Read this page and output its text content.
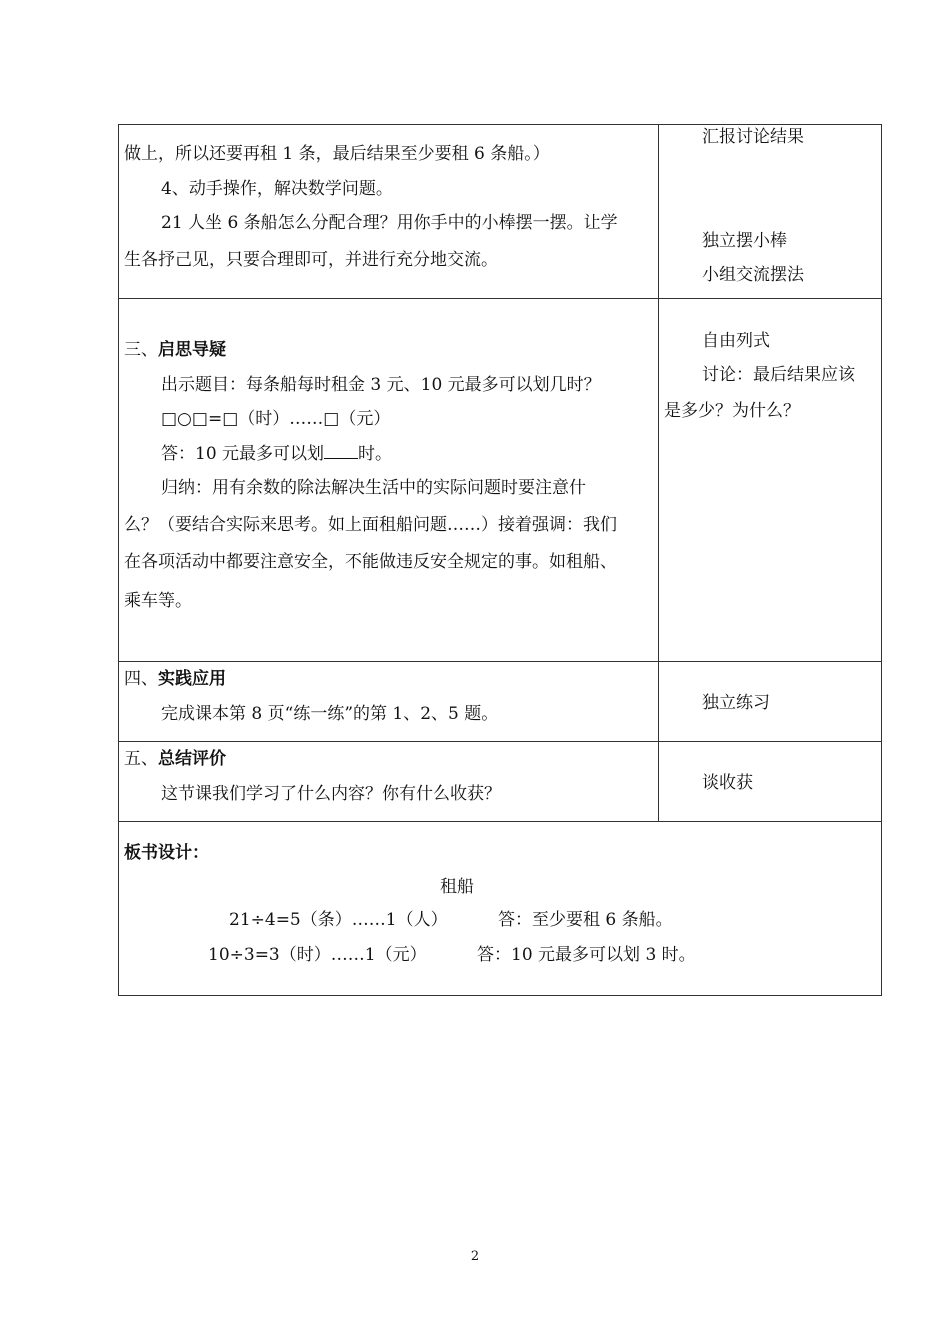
做上，所以还要再租 1 条，最后结果至少要租 6 条船。）
4、动手操作，解决数学问题。
21 人坐 6 条船怎么分配合理？用你手中的小棒摆一摆。让学
生各抒己见，只要合理即可，并进行充分地交流。
汇报讨论结果
独立摆小棒
小组交流摆法
三、启思导疑
出示题目：每条船每时租金 3 元、10 元最多可以划几时？
□○□=□（时）……□（元）
答：10 元最多可以划 时。
归纳：用有余数的除法解决生活中的实际问题时要注意什
么？（要结合实际来思考。如上面租船问题……）接着强调：我们
在各项活动中都要注意安全，不能做违反安全规定的事。如租船、
乘车等。
自由列式
讨论：最后结果应该
是多少？为什么？
四、实践应用
完成课本第 8 页“练一练”的第 1、2、5 题。
独立练习
五、总结评价
这节课我们学习了什么内容？你有什么收获？
谈收获
板书设计：
租船
21÷4=5（条）……1（人）	答：至少要租 6 条船。
10÷3=3（时）……1（元）	答：10 元最多可以划 3 时。
2
